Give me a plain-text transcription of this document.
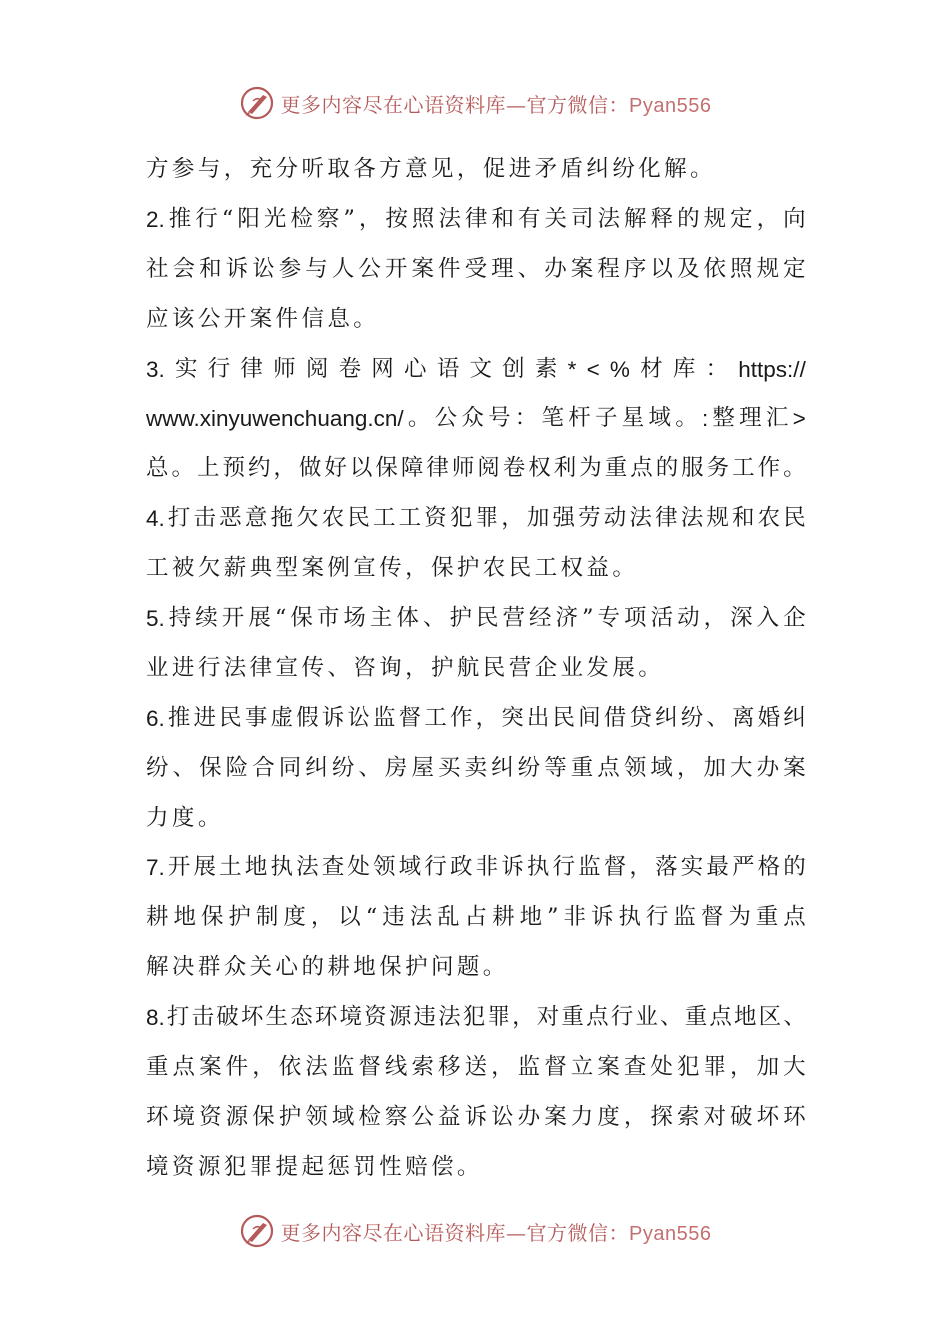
更多内容尽在心语资料库—官方微信：Pyan556
方 参 与 ， 充 分 听 取 各 方 意 见 ， 促 进 矛 盾 纠 纷 化 解 。
2. 推 行 “ 阳 光 检 察 ” ， 按 照 法 律 和 有 关 司 法 解 释 的 规 定 ， 向
社 会 和 诉 讼 参 与 人 公 开 案 件 受 理 、 办 案 程 序 以 及 依 照 规 定
应 该 公 开 案 件 信 息 。
3. 实 行 律 师 阅 卷 网 心 语 文 创 素 * < % 材 库 ： https://
www.xinyuwenchuang.cn/ 。 公 众 号 ： 笔 杆 子 星 域 。 : 整 理 汇 >
总 。 上 预 约 ， 做 好 以 保 障 律 师 阅 卷 权 利 为 重 点 的 服 务 工 作 。
4. 打 击 恶 意 拖 欠 农 民 工 工 资 犯 罪 ， 加 强 劳 动 法 律 法 规 和 农 民
工 被 欠 薪 典 型 案 例 宣 传 ， 保 护 农 民 工 权 益 。
5. 持 续 开 展 “ 保 市 场 主 体 、 护 民 营 经 济 ” 专 项 活 动 ， 深 入 企
业 进 行 法 律 宣 传 、 咨 询 ， 护 航 民 营 企 业 发 展 。
6. 推 进 民 事 虚 假 诉 讼 监 督 工 作 ， 突 出 民 间 借 贷 纠 纷 、 离 婚 纠
纷 、 保 险 合 同 纠 纷 、 房 屋 买 卖 纠 纷 等 重 点 领 域 ， 加 大 办 案
力 度 。
7. 开 展 土 地 执 法 查 处 领 域 行 政 非 诉 执 行 监 督 ， 落 实 最 严 格 的
耕 地 保 护 制 度 ， 以 “ 违 法 乱 占 耕 地 ” 非 诉 执 行 监 督 为 重 点
解 决 群 众 关 心 的 耕 地 保 护 问 题 。
8. 打 击 破 坏 生 态 环 境 资 源 违 法 犯 罪 ， 对 重 点 行 业 、 重 点 地 区 、
重 点 案 件 ， 依 法 监 督 线 索 移 送 ， 监 督 立 案 查 处 犯 罪 ， 加 大
环 境 资 源 保 护 领 域 检 察 公 益 诉 讼 办 案 力 度 ， 探 索 对 破 坏 环
境 资 源 犯 罪 提 起 惩 罚 性 赔 偿 。
更多内容尽在心语资料库—官方微信：Pyan556
